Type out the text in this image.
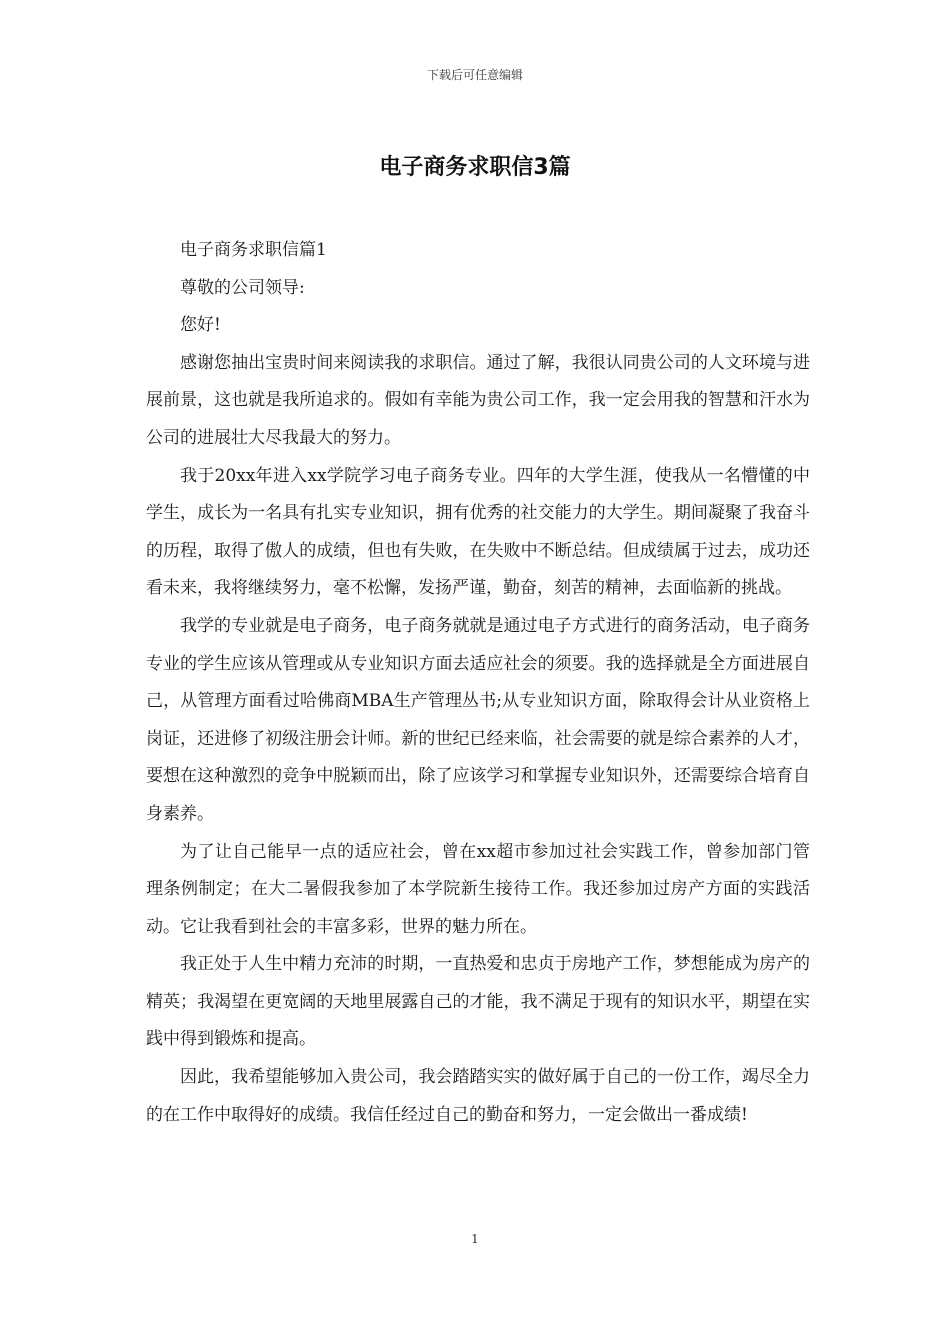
下载后可任意编辑
电子商务求职信3篇

电子商务求职信篇1

尊敬的公司领导:

您好!

感谢您抽出宝贵时间来阅读我的求职信。通过了解，我很认同贵公司的人文环境与进展前景，这也就是我所追求的。假如有幸能为贵公司工作，我一定会用我的智慧和汗水为公司的进展壮大尽我最大的努力。

我于20xx年进入xx学院学习电子商务专业。四年的大学生涯，使我从一名懵懂的中学生，成长为一名具有扎实专业知识，拥有优秀的社交能力的大学生。期间凝聚了我奋斗的历程，取得了傲人的成绩，但也有失败，在失败中不断总结。但成绩属于过去，成功还看未来，我将继续努力，毫不松懈，发扬严谨，勤奋，刻苦的精神，去面临新的挑战。

我学的专业就是电子商务，电子商务就就是通过电子方式进行的商务活动，电子商务专业的学生应该从管理或从专业知识方面去适应社会的须要。我的选择就是全方面进展自己，从管理方面看过哈佛商MBA生产管理丛书;从专业知识方面，除取得会计从业资格上岗证，还进修了初级注册会计师。新的世纪已经来临，社会需要的就是综合素养的人才，要想在这种激烈的竞争中脱颖而出，除了应该学习和掌握专业知识外，还需要综合培育自身素养。

为了让自己能早一点的适应社会，曾在xx超市参加过社会实践工作，曾参加部门管理条例制定；在大二暑假我参加了本学院新生接待工作。我还参加过房产方面的实践活动。它让我看到社会的丰富多彩，世界的魅力所在。

我正处于人生中精力充沛的时期，一直热爱和忠贞于房地产工作，梦想能成为房产的精英；我渴望在更宽阔的天地里展露自己的才能，我不满足于现有的知识水平，期望在实践中得到锻炼和提高。

因此，我希望能够加入贵公司，我会踏踏实实的做好属于自己的一份工作，竭尽全力的在工作中取得好的成绩。我信任经过自己的勤奋和努力，一定会做出一番成绩!

1
